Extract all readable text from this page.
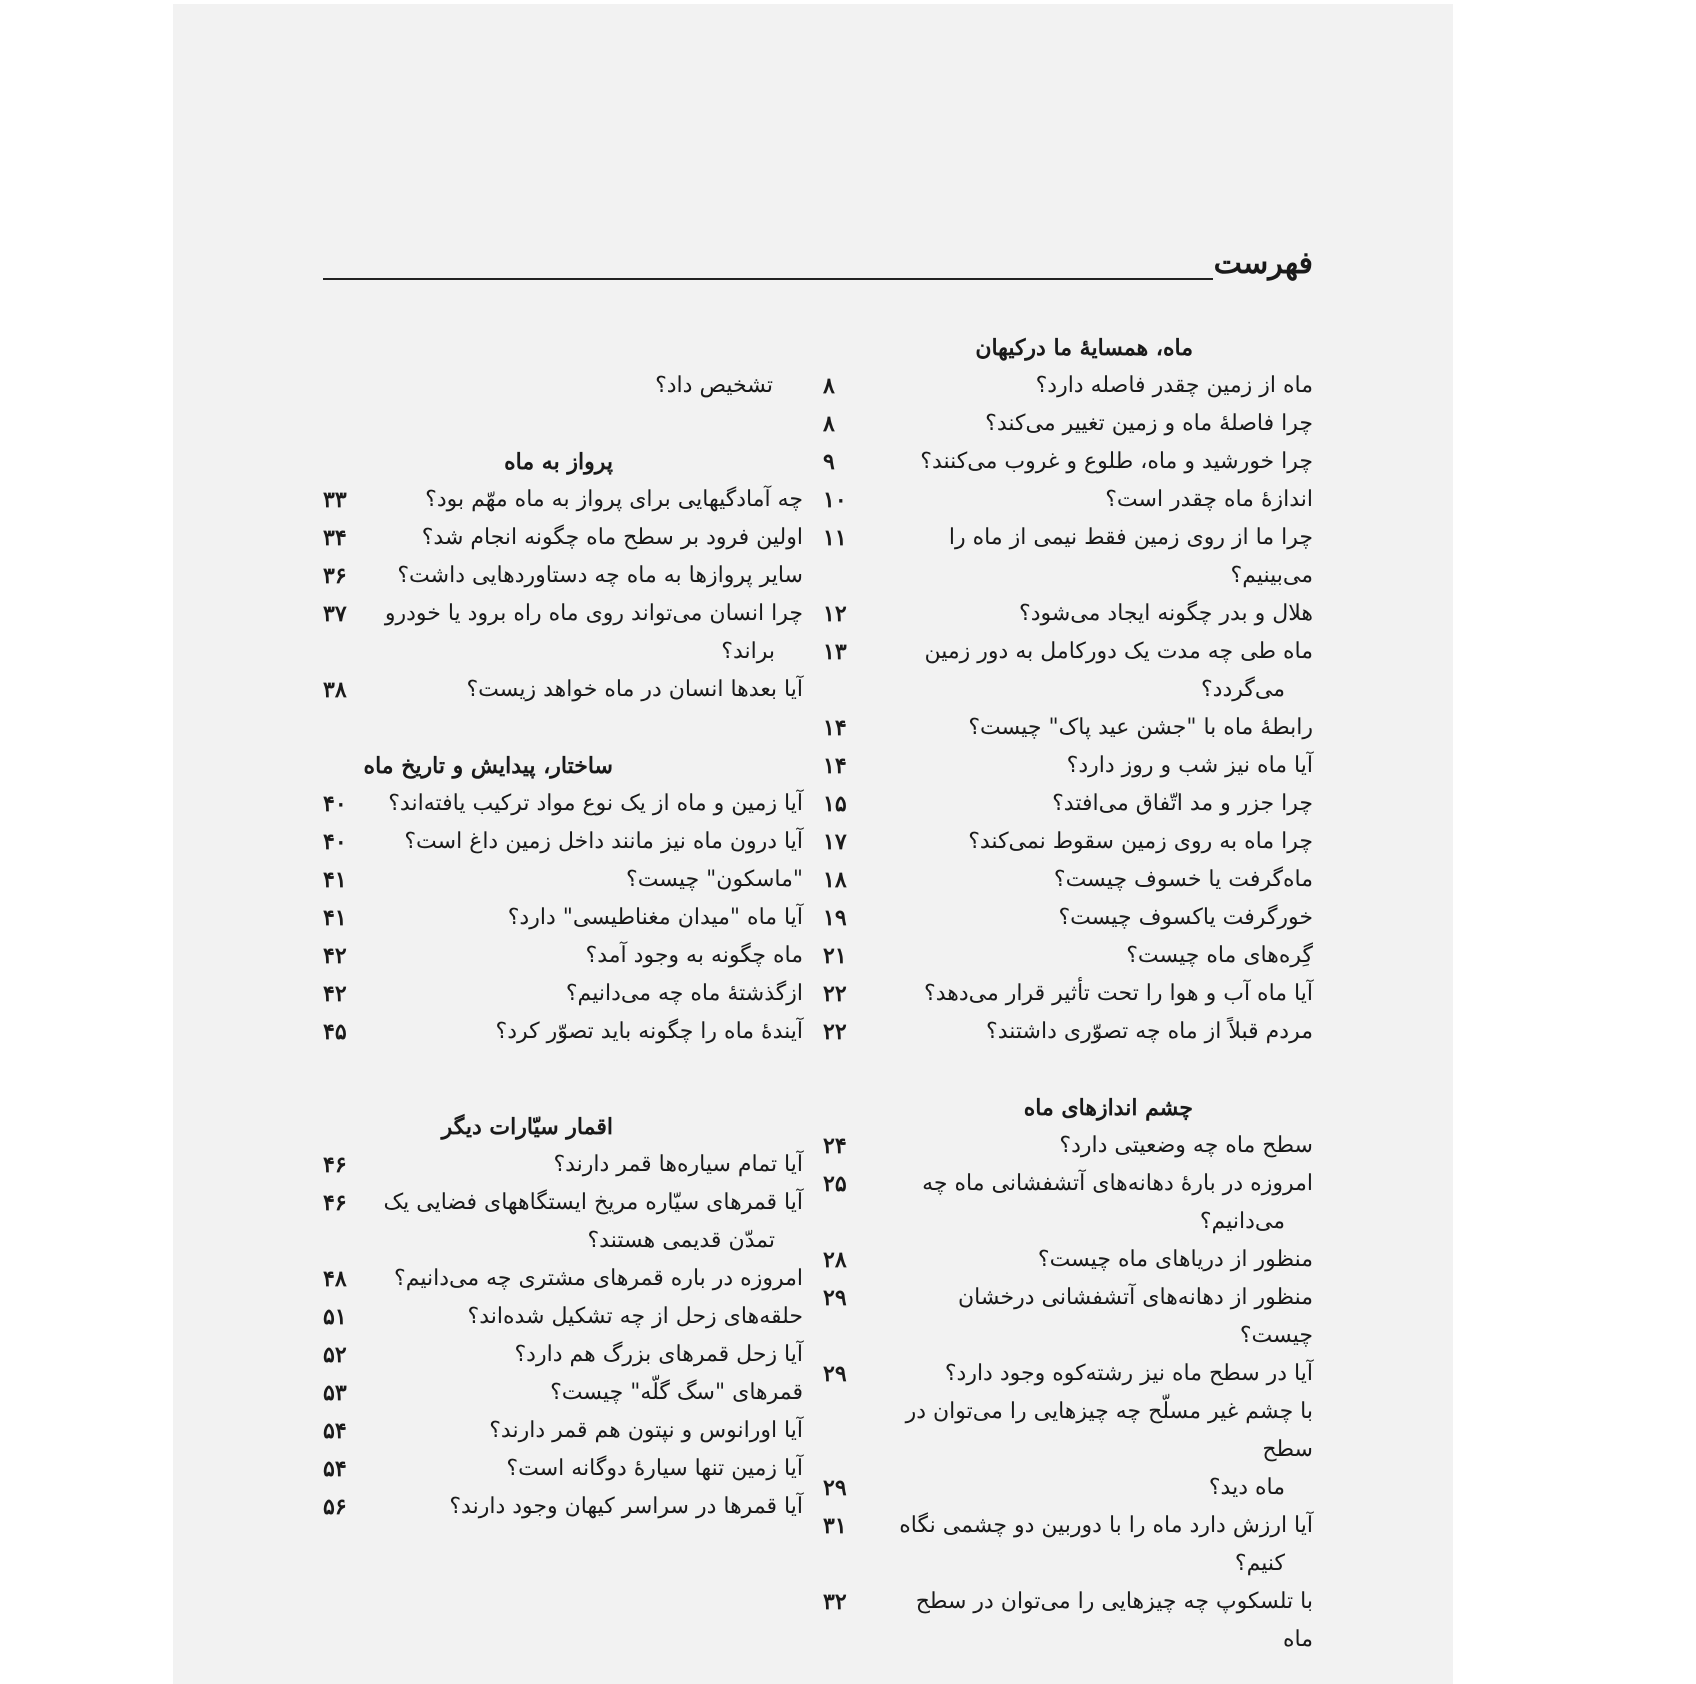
فهرست
ماه، همسایهٔ ما درکیهان
ماه از زمین چقدر فاصله دارد؟
۸
چرا فاصلهٔ ماه و زمین تغییر می‌کند؟
۸
چرا خورشید و ماه، طلوع و غروب می‌کنند؟
۹
اندازهٔ ماه چقدر است؟
۱۰
چرا ما از روی زمین فقط نیمی از ماه را می‌بینیم؟
۱۱
هلال و بدر چگونه ایجاد می‌شود؟
۱۲
ماه طی چه مدت یک دورکامل به دور زمین
۱۳
می‌گردد؟
رابطهٔ ماه با "جشن عید پاک" چیست؟
۱۴
آیا ماه نیز شب و روز دارد؟
۱۴
چرا جزر و مد اتّفاق می‌افتد؟
۱۵
چرا ماه به روی زمین سقوط نمی‌کند؟
۱۷
ماه‌گرفت یا خسوف چیست؟
۱۸
خورگرفت یاکسوف چیست؟
۱۹
گِره‌های ماه چیست؟
۲۱
آیا ماه آب و هوا را تحت تأثیر قرار می‌دهد؟
۲۲
مردم قبلاً از ماه چه تصوّری داشتند؟
۲۲
چشم اندازهای ماه
سطح ماه چه وضعیتی دارد؟
۲۴
امروزه در بارهٔ دهانه‌های آتشفشانی ماه چه
۲۵
می‌دانیم؟
منظور از دریاهای ماه چیست؟
۲۸
منظور از دهانه‌های آتشفشانی درخشان چیست؟
۲۹
آیا در سطح ماه نیز رشته‌کوه وجود دارد؟
۲۹
با چشم غیر مسلّح چه چیزهایی را می‌توان در سطح
ماه دید؟
۲۹
آیا ارزش دارد ماه را با دوربین دو چشمی نگاه
۳۱
کنیم؟
با تلسکوپ چه چیزهایی را می‌توان در سطح ماه
۳۲
تشخیص داد؟
پرواز به ماه
چه آمادگیهایی برای پرواز به ماه مهّم بود؟
۳۳
اولین فرود بر سطح ماه چگونه انجام شد؟
۳۴
سایر پروازها به ماه چه دستاوردهایی داشت؟
۳۶
چرا انسان می‌تواند روی ماه راه برود یا خودرو
۳۷
براند؟
آیا بعدها انسان در ماه خواهد زیست؟
۳۸
ساختار، پیدایش و تاریخ ماه
آیا زمین و ماه از یک نوع مواد ترکیب یافته‌اند؟
۴۰
آیا درون ماه نیز مانند داخل زمین داغ است؟
۴۰
"ماسکون" چیست؟
۴۱
آیا ماه "میدان مغناطیسی" دارد؟
۴۱
ماه چگونه به وجود آمد؟
۴۲
ازگذشتهٔ ماه چه می‌دانیم؟
۴۲
آیندهٔ ماه را چگونه باید تصوّر کرد؟
۴۵
اقمار سیّارات دیگر
آیا تمام سیاره‌ها قمر دارند؟
۴۶
آیا قمرهای سیّاره مریخ ایستگاههای فضایی یک
۴۶
تمدّن قدیمی هستند؟
امروزه در باره قمرهای مشتری چه می‌دانیم؟
۴۸
حلقه‌های زحل از چه تشکیل شده‌اند؟
۵۱
آیا زحل قمرهای بزرگ هم دارد؟
۵۲
قمرهای "سگ گلّه" چیست؟
۵۳
آیا اورانوس و نپتون هم قمر دارند؟
۵۴
آیا زمین تنها سیارهٔ دوگانه است؟
۵۴
آیا قمرها در سراسر کیهان وجود دارند؟
۵۶
